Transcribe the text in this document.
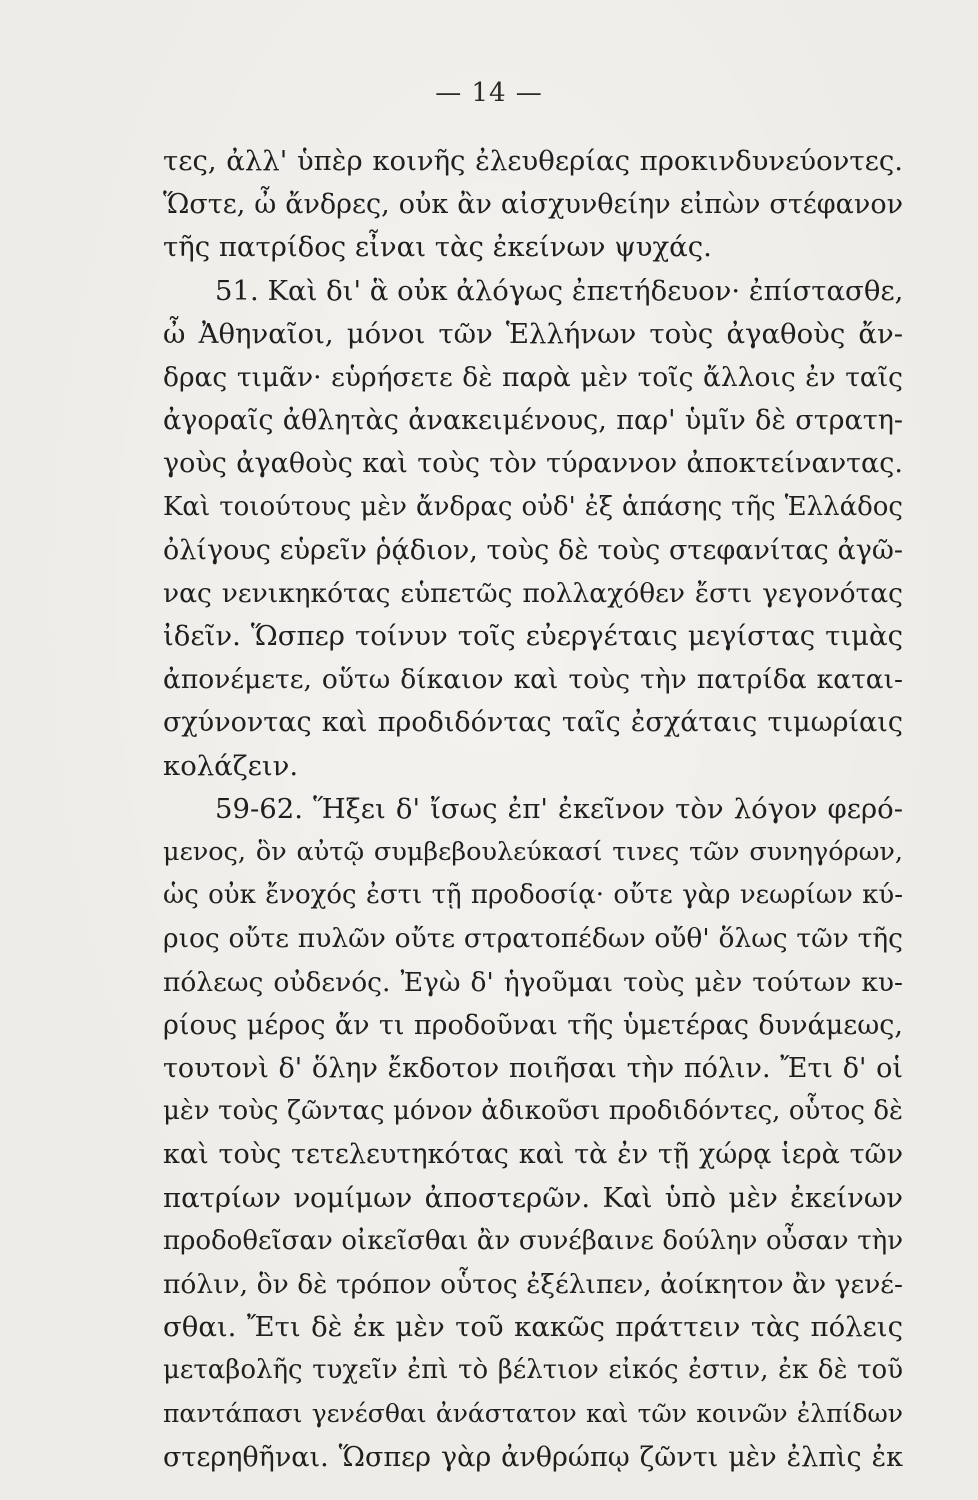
— 14 —
τες, ἀλλ' ὑπὲρ κοινῆς ἐλευθερίας προκινδυνεύοντες.
Ὥστε, ὦ ἄνδρες, οὐκ ἂν αἰσχυνθείην εἰπὼν στέφανον
τῆς πατρίδος εἶναι τὰς ἐκείνων ψυχάς.
51. Καὶ δι' ἃ οὐκ ἀλόγως ἐπετήδευον· ἐπίστασθε,
ὦ Ἀθηναῖοι, μόνοι τῶν Ἑλλήνων τοὺς ἀγαθοὺς ἄν-
δρας τιμᾶν· εὑρήσετε δὲ παρὰ μὲν τοῖς ἄλλοις ἐν ταῖς
ἀγοραῖς ἀθλητὰς ἀνακειμένους, παρ' ὑμῖν δὲ στρατη-
γοὺς ἀγαθοὺς καὶ τοὺς τὸν τύραννον ἀποκτείναντας.
Καὶ τοιούτους μὲν ἄνδρας οὐδ' ἐξ ἁπάσης τῆς Ἑλλάδος
ὀλίγους εὑρεῖν ῥᾴδιον, τοὺς δὲ τοὺς στεφανίτας ἀγῶ-
νας νενικηκότας εὑπετῶς πολλαχόθεν ἔστι γεγονότας
ἰδεῖν. Ὥσπερ τοίνυν τοῖς εὐεργέταις μεγίστας τιμὰς
ἀπονέμετε, οὕτω δίκαιον καὶ τοὺς τὴν πατρίδα καται-
σχύνοντας καὶ προδιδόντας ταῖς ἐσχάταις τιμωρίαις
κολάζειν.
59-62. Ἥξει δ' ἴσως ἐπ' ἐκεῖνον τὸν λόγον φερό-
μενος, ὃν αὐτῷ συμβεβουλεύκασί τινες τῶν συνηγόρων,
ὡς οὐκ ἔνοχός ἐστι τῇ προδοσίᾳ· οὔτε γὰρ νεωρίων κύ-
ριος οὔτε πυλῶν οὔτε στρατοπέδων οὔθ' ὅλως τῶν τῆς
πόλεως οὐδενός. Ἐγὼ δ' ἡγοῦμαι τοὺς μὲν τούτων κυ-
ρίους μέρος ἄν τι προδοῦναι τῆς ὑμετέρας δυνάμεως,
τουτονὶ δ' ὅλην ἔκδοτον ποιῆσαι τὴν πόλιν. Ἔτι δ' οἱ
μὲν τοὺς ζῶντας μόνον ἀδικοῦσι προδιδόντες, οὗτος δὲ
καὶ τοὺς τετελευτηκότας καὶ τὰ ἐν τῇ χώρᾳ ἱερὰ τῶν
πατρίων νομίμων ἀποστερῶν. Καὶ ὑπὸ μὲν ἐκείνων
προδοθεῖσαν οἰκεῖσθαι ἂν συνέβαινε δούλην οὖσαν τὴν
πόλιν, ὃν δὲ τρόπον οὗτος ἐξέλιπεν, ἀοίκητον ἂν γενέ-
σθαι. Ἔτι δὲ ἐκ μὲν τοῦ κακῶς πράττειν τὰς πόλεις
μεταβολῆς τυχεῖν ἐπὶ τὸ βέλτιον εἰκός ἐστιν, ἐκ δὲ τοῦ
παντάπασι γενέσθαι ἀνάστατον καὶ τῶν κοινῶν ἐλπίδων
στερηθῆναι. Ὥσπερ γὰρ ἀνθρώπῳ ζῶντι μὲν ἐλπὶς ἐκ
